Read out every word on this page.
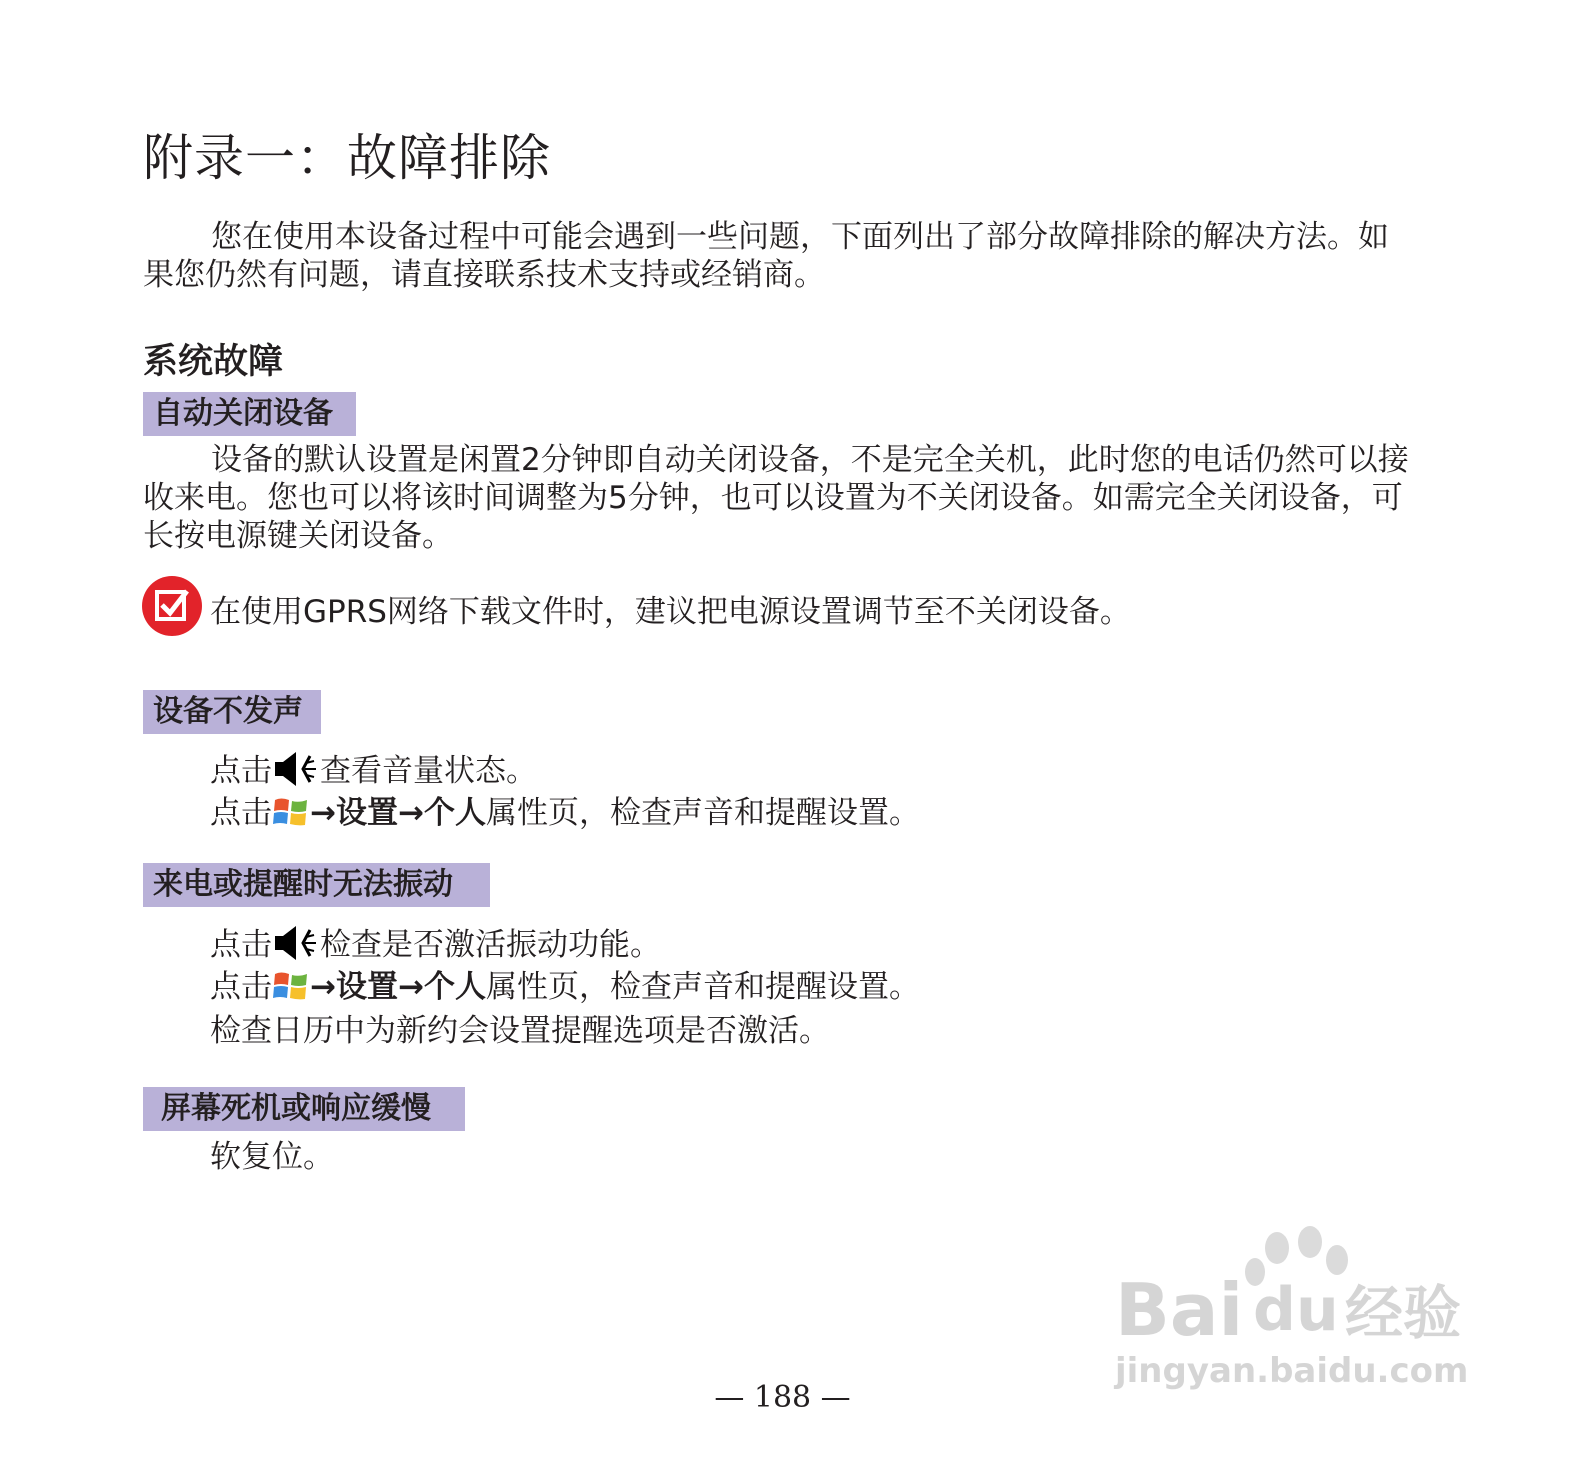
附录一：故障排除

您在使用本设备过程中可能会遇到一些问题，下面列出了部分故障排除的解决方法。如果您仍然有问题，请直接联系技术支持或经销商。

系统故障
自动关闭设备

设备的默认设置是闲置2分钟即自动关闭设备，不是完全关机，此时您的电话仍然可以接收来电。您也可以将该时间调整为5分钟，也可以设置为不关闭设备。如需完全关闭设备，可长按电源键关闭设备。

在使用GPRS网络下载文件时，建议把电源设置调节至不关闭设备。
设备不发声
点击 查看音量状态。
点击 →设置→个人属性页，检查声音和提醒设置。
来电或提醒时无法振动
点击 检查是否激活振动功能。
点击 →设置→个人属性页，检查声音和提醒设置。
检查日历中为新约会设置提醒选项是否激活。
屏幕死机或响应缓慢
软复位。
Bai du 经验
jingyan.baidu.com
— 188 —
